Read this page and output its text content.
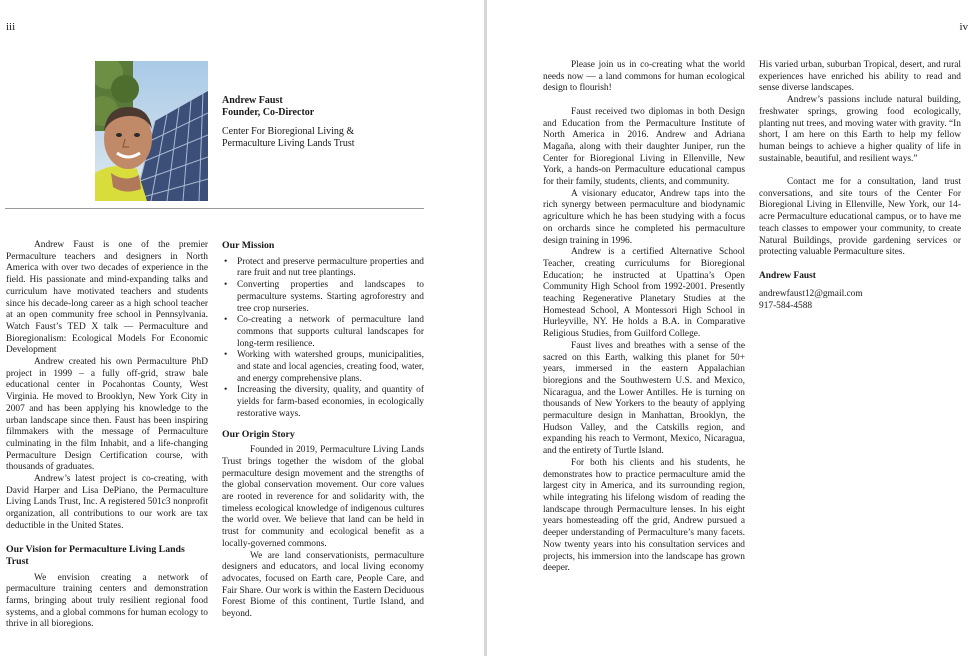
iii
Andrew Faust
Founder, Co-Director
Center For Bioregional Living &
Permaculture Living Lands Trust

Andrew Faust is one of the premier Permaculture teachers and designers in North America with over two decades of experience in the field. His passionate and mind-expanding talks and curriculum have motivated teachers and students since his decade-long career as a high school teacher at an open community free school in Pennsylvania. Watch Faust’s TED X talk — Permaculture and Bioregionalism: Ecological Models For Economic Development

Andrew created his own Permaculture PhD project in 1999 – a fully off-grid, straw bale educational center in Pocahontas County, West Virginia. He moved to Brooklyn, New York City in 2007 and has been applying his knowledge to the urban landscape since then. Faust has been inspiring filmmakers with the message of Permaculture culminating in the film Inhabit, and a life-changing Permaculture Design Certification course, with thousands of graduates.

Andrew’s latest project is co-creating, with David Harper and Lisa DePiano, the Permaculture Living Lands Trust, Inc. A registered 501c3 nonprofit organization, all contributions to our work are tax deductible in the United States.

Our Vision for Permaculture Living Lands Trust

We envision creating a network of permaculture training centers and demonstration farms, bringing about truly resilient regional food systems, and a global commons for human ecology to thrive in all bioregions.

Our Mission
• Protect and preserve permaculture properties and rare fruit and nut tree plantings.
• Converting properties and landscapes to permaculture systems. Starting agroforestry and tree crop nurseries.
• Co-creating a network of permaculture land commons that supports cultural landscapes for long-term resilience.
• Working with watershed groups, municipalities, and state and local agencies, creating food, water, and energy comprehensive plans.
• Increasing the diversity, quality, and quantity of yields for farm-based economies, in ecologically restorative ways.
Our Origin Story

Founded in 2019, Permaculture Living Lands Trust brings together the wisdom of the global permaculture design movement and the strengths of the global conservation movement. Our core values are rooted in reverence for and solidarity with, the timeless ecological knowledge of indigenous cultures the world over. We believe that land can be held in trust for community and ecological benefit as a locally-governed commons.

We are land conservationists, permaculture designers and educators, and local living economy advocates, focused on Earth care, People Care, and Fair Share. Our work is within the Eastern Deciduous Forest Biome of this continent, Turtle Island, and beyond.

iv

Please join us in co-creating what the world needs now — a land commons for human ecological design to flourish!

Faust received two diplomas in both Design and Education from the Permaculture Institute of North America in 2016. Andrew and Adriana Magaña, along with their daughter Juniper, run the Center for Bioregional Living in Ellenville, New York, a hands-on Permaculture educational campus for their family, students, clients, and community.

A visionary educator, Andrew taps into the rich synergy between permaculture and biodynamic agriculture which he has been studying with a focus on orchards since he completed his permaculture design training in 1996.

Andrew is a certified Alternative School Teacher, creating curriculums for Bioregional Education; he instructed at Upattina’s Open Community High School from 1992-2001. Presently teaching Regenerative Planetary Studies at the Homestead School, A Montessori High School in Hurleyville, NY. He holds a B.A. in Comparative Religious Studies, from Guilford College.

Faust lives and breathes with a sense of the sacred on this Earth, walking this planet for 50+ years, immersed in the eastern Appalachian bioregions and the Southwestern U.S. and Mexico, Nicaragua, and the Lower Antilles. He is turning on thousands of New Yorkers to the beauty of applying permaculture design in Manhattan, Brooklyn, the Hudson Valley, and the Catskills region, and expanding his reach to Vermont, Mexico, Nicaragua, and the entirety of Turtle Island.

For both his clients and his students, he demonstrates how to practice permaculture amid the largest city in America, and its surrounding region, while integrating his lifelong wisdom of reading the landscape through Permaculture lenses. In his eight years homesteading off the grid, Andrew pursued a deeper understanding of Permaculture’s many facets. Now twenty years into his consultation services and projects, his immersion into the landscape has grown deeper.

His varied urban, suburban Tropical, desert, and rural experiences have enriched his ability to read and sense diverse landscapes.

Andrew’s passions include natural building, freshwater springs, growing food ecologically, planting nut trees, and moving water with gravity. “In short, I am here on this Earth to help my fellow human beings to achieve a higher quality of life in sustainable, beautiful, and resilient ways.”

Contact me for a consultation, land trust conversations, and site tours of the Center For Bioregional Living in Ellenville, New York, our 14-acre Permaculture educational campus, or to have me teach classes to empower your community, to create Natural Buildings, provide gardening services or protecting valuable Permaculture sites.

Andrew Faust
andrewfaust12@gmail.com
917-584-4588
